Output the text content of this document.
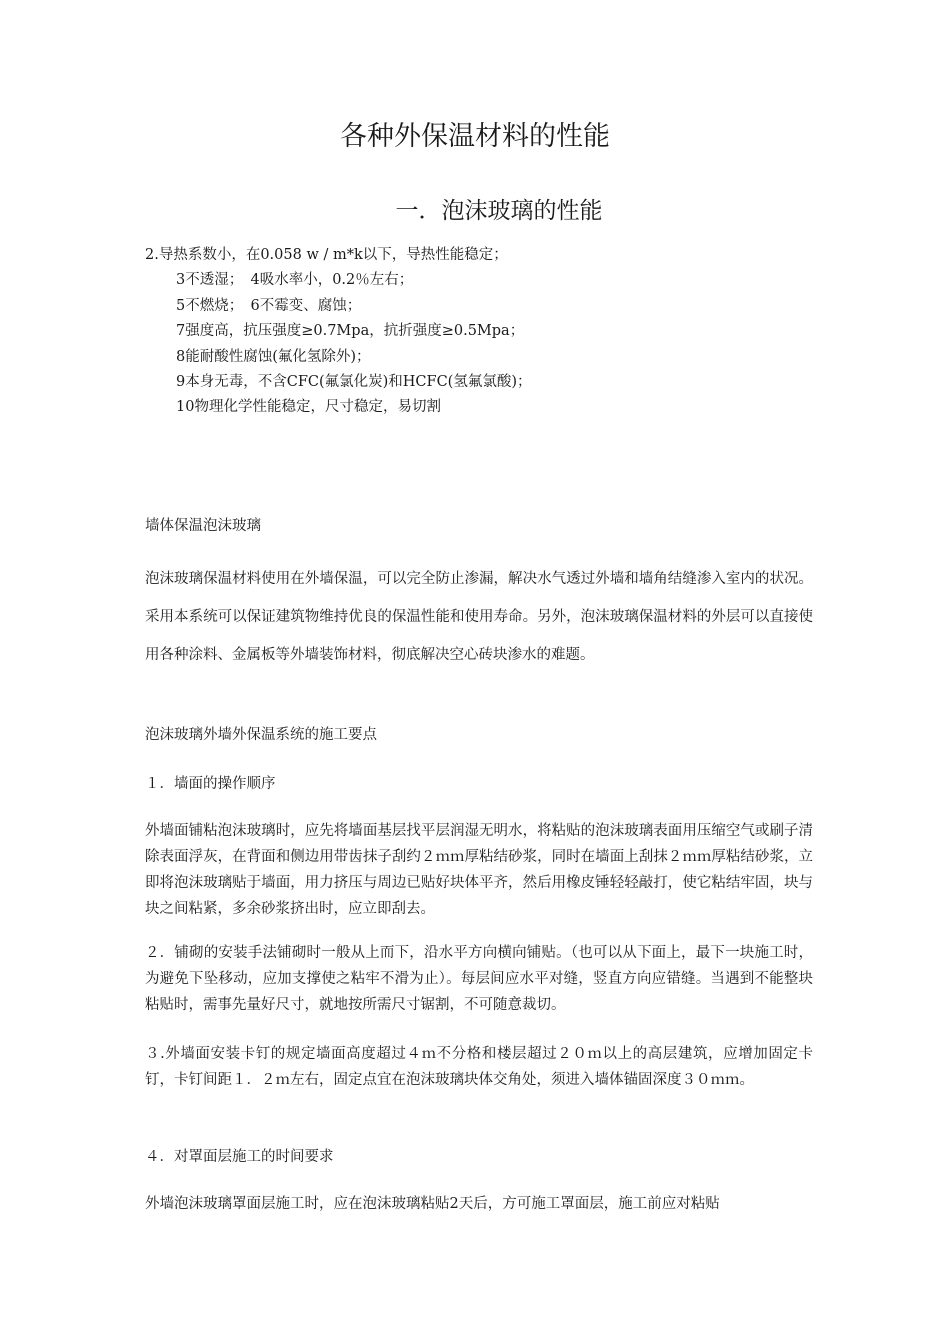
各种外保温材料的性能
一．泡沫玻璃的性能
2.导热系数小，在0.058 w / m*k以下，导热性能稳定；
3不透湿；　4吸水率小，0.2％左右；
5不燃烧；　6不霉变、腐蚀；
7强度高，抗压强度≥0.7Mpa，抗折强度≥0.5Mpa；
8能耐酸性腐蚀(氟化氢除外)；
9本身无毒，不含CFC(氟氯化炭)和HCFC(氢氟氯酸)；
10物理化学性能稳定，尺寸稳定，易切割
墙体保温泡沫玻璃
泡沫玻璃保温材料使用在外墙保温，可以完全防止渗漏，解决水气透过外墙和墙角结缝渗入室内的状况。采用本系统可以保证建筑物维持优良的保温性能和使用寿命。另外，泡沫玻璃保温材料的外层可以直接使用各种涂料、金属板等外墙装饰材料，彻底解决空心砖块渗水的难题。
泡沫玻璃外墙外保温系统的施工要点
１．墙面的操作顺序
外墙面铺粘泡沫玻璃时，应先将墙面基层找平层润湿无明水，将粘贴的泡沫玻璃表面用压缩空气或刷子清除表面浮灰，在背面和侧边用带齿抹子刮约２ｍｍ厚粘结砂浆，同时在墙面上刮抹２ｍｍ厚粘结砂浆，立即将泡沫玻璃贴于墙面，用力挤压与周边已贴好块体平齐，然后用橡皮锤轻轻敲打，使它粘结牢固，块与块之间粘紧，多余砂浆挤出时，应立即刮去。
２．铺砌的安装手法铺砌时一般从上而下，沿水平方向横向铺贴。（也可以从下面上，最下一块施工时，为避免下坠移动，应加支撑使之粘牢不滑为止）。每层间应水平对缝，竖直方向应错缝。当遇到不能整块粘贴时，需事先量好尺寸，就地按所需尺寸锯割，不可随意裁切。
３.外墙面安装卡钉的规定墙面高度超过４ｍ不分格和楼层超过２０ｍ以上的高层建筑，应增加固定卡钉，卡钉间距１．２ｍ左右，固定点宜在泡沫玻璃块体交角处，须进入墙体锚固深度３０ｍｍ。
４．对罩面层施工的时间要求
外墙泡沫玻璃罩面层施工时，应在泡沫玻璃粘贴2天后，方可施工罩面层，施工前应对粘贴
